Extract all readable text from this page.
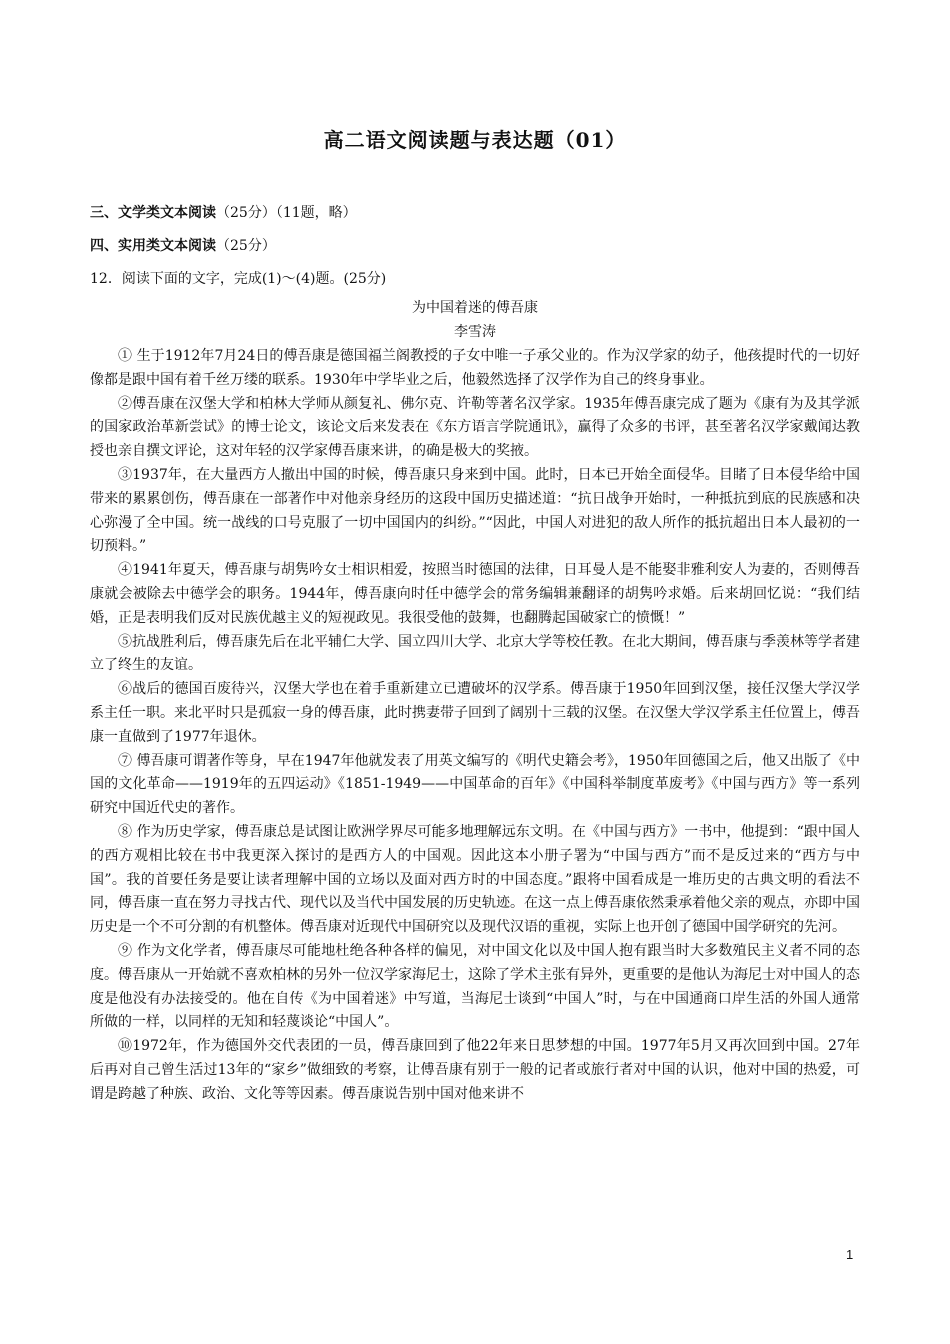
高二语文阅读题与表达题（01）
三、文学类文本阅读（25分）（11题，略）
四、实用类文本阅读（25分）
12．阅读下面的文字，完成(1)～(4)题。(25分)
为中国着迷的傅吾康
李雪涛

① 生于1912年7月24日的傅吾康是德国福兰阁教授的子女中唯一子承父业的。作为汉学家的幼子，他孩提时代的一切好像都是跟中国有着千丝万缕的联系。1930年中学毕业之后，他毅然选择了汉学作为自己的终身事业。

②傅吾康在汉堡大学和柏林大学师从颜复礼、佛尔克、许勒等著名汉学家。1935年傅吾康完成了题为《康有为及其学派的国家政治革新尝试》的博士论文，该论文后来发表在《东方语言学院通讯》，赢得了众多的书评，甚至著名汉学家戴闻达教授也亲自撰文评论，这对年轻的汉学家傅吾康来讲，的确是极大的奖掖。

③1937年，在大量西方人撤出中国的时候，傅吾康只身来到中国。此时，日本已开始全面侵华。目睹了日本侵华给中国带来的累累创伤，傅吾康在一部著作中对他亲身经历的这段中国历史描述道：“抗日战争开始时，一种抵抗到底的民族感和决心弥漫了全中国。统一战线的口号克服了一切中国国内的纠纷。”“因此，中国人对进犯的敌人所作的抵抗超出日本人最初的一切预料。”

④1941年夏天，傅吾康与胡隽吟女士相识相爱，按照当时德国的法律，日耳曼人是不能娶非雅利安人为妻的，否则傅吾康就会被除去中德学会的职务。1944年，傅吾康向时任中德学会的常务编辑兼翻译的胡隽吟求婚。后来胡回忆说：“我们结婚，正是表明我们反对民族优越主义的短视政见。我很受他的鼓舞，也翻腾起国破家亡的愤慨！”

⑤抗战胜利后，傅吾康先后在北平辅仁大学、国立四川大学、北京大学等校任教。在北大期间，傅吾康与季羡林等学者建立了终生的友谊。

⑥战后的德国百废待兴，汉堡大学也在着手重新建立已遭破坏的汉学系。傅吾康于1950年回到汉堡，接任汉堡大学汉学系主任一职。来北平时只是孤寂一身的傅吾康，此时携妻带子回到了阔别十三载的汉堡。在汉堡大学汉学系主任位置上，傅吾康一直做到了1977年退休。

⑦ 傅吾康可谓著作等身，早在1947年他就发表了用英文编写的《明代史籍会考》，1950年回德国之后，他又出版了《中国的文化革命——1919年的五四运动》《1851-1949——中国革命的百年》《中国科举制度革废考》《中国与西方》等一系列研究中国近代史的著作。

⑧ 作为历史学家，傅吾康总是试图让欧洲学界尽可能多地理解远东文明。在《中国与西方》一书中，他提到：“跟中国人的西方观相比较在书中我更深入探讨的是西方人的中国观。因此这本小册子署为“中国与西方”而不是反过来的“西方与中国”。我的首要任务是要让读者理解中国的立场以及面对西方时的中国态度。”跟将中国看成是一堆历史的古典文明的看法不同，傅吾康一直在努力寻找古代、现代以及当代中国发展的历史轨迹。在这一点上傅吾康依然秉承着他父亲的观点，亦即中国历史是一个不可分割的有机整体。傅吾康对近现代中国研究以及现代汉语的重视，实际上也开创了德国中国学研究的先河。

⑨ 作为文化学者，傅吾康尽可能地杜绝各种各样的偏见，对中国文化以及中国人抱有跟当时大多数殖民主义者不同的态度。傅吾康从一开始就不喜欢柏林的另外一位汉学家海尼士，这除了学术主张有异外，更重要的是他认为海尼士对中国人的态度是他没有办法接受的。他在自传《为中国着迷》中写道，当海尼士谈到“中国人”时，与在中国通商口岸生活的外国人通常所做的一样，以同样的无知和轻蔑谈论“中国人”。

⑩1972年，作为德国外交代表团的一员，傅吾康回到了他22年来日思梦想的中国。1977年5月又再次回到中国。27年后再对自己曾生活过13年的“家乡”做细致的考察，让傅吾康有别于一般的记者或旅行者对中国的认识，他对中国的热爱，可谓是跨越了种族、政治、文化等等因素。傅吾康说告别中国对他来讲不

1
